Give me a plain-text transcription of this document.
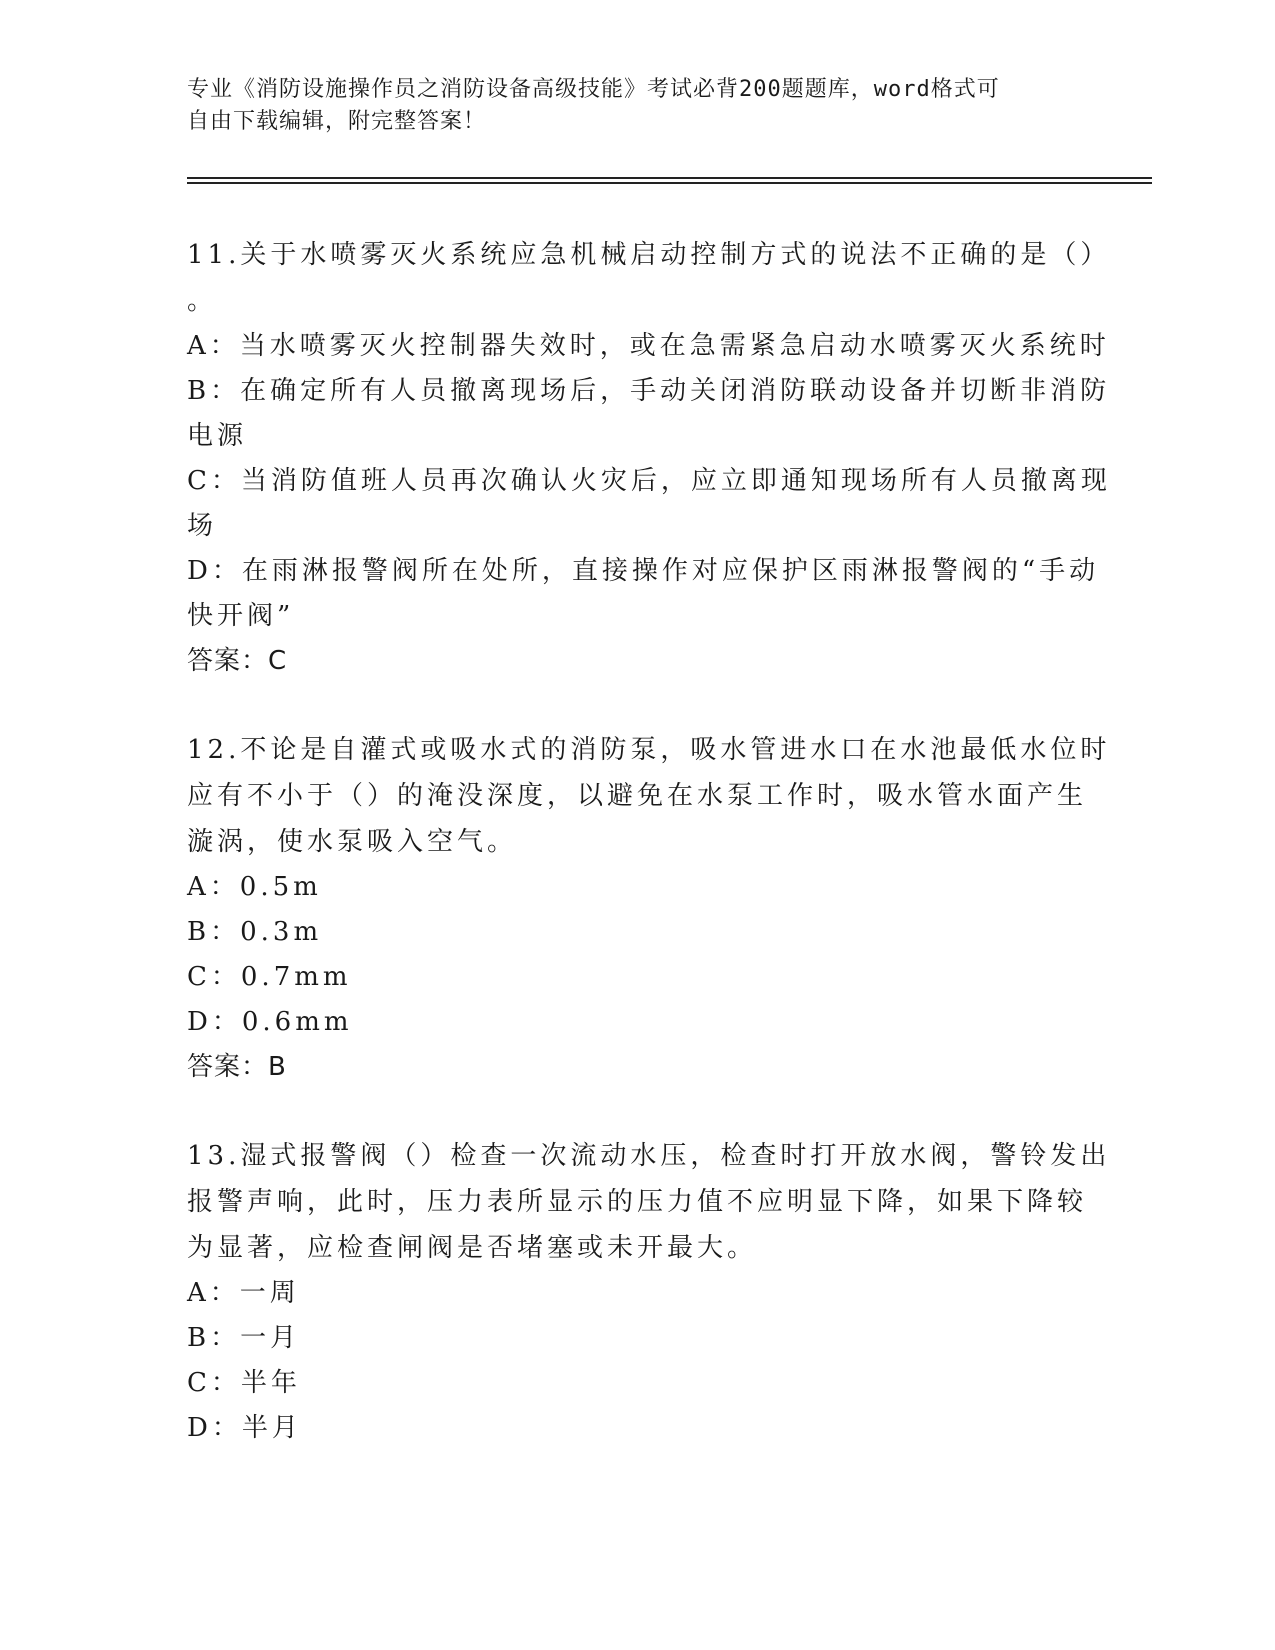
专业《消防设施操作员之消防设备高级技能》考试必背200题题库，word格式可
自由下载编辑，附完整答案！
11.关于水喷雾灭火系统应急机械启动控制方式的说法不正确的是（）
。
A：当水喷雾灭火控制器失效时，或在急需紧急启动水喷雾灭火系统时
B：在确定所有人员撤离现场后，手动关闭消防联动设备并切断非消防
电源
C：当消防值班人员再次确认火灾后，应立即通知现场所有人员撤离现
场
D：在雨淋报警阀所在处所，直接操作对应保护区雨淋报警阀的“手动
快开阀”
答案：C
12.不论是自灌式或吸水式的消防泵，吸水管进水口在水池最低水位时
应有不小于（）的淹没深度，以避免在水泵工作时，吸水管水面产生
漩涡，使水泵吸入空气。
A：0.5m
B：0.3m
C：0.7mm
D：0.6mm
答案：B
13.湿式报警阀（）检查一次流动水压，检查时打开放水阀，警铃发出
报警声响，此时，压力表所显示的压力值不应明显下降，如果下降较
为显著，应检查闸阀是否堵塞或未开最大。
A：一周
B：一月
C：半年
D：半月
